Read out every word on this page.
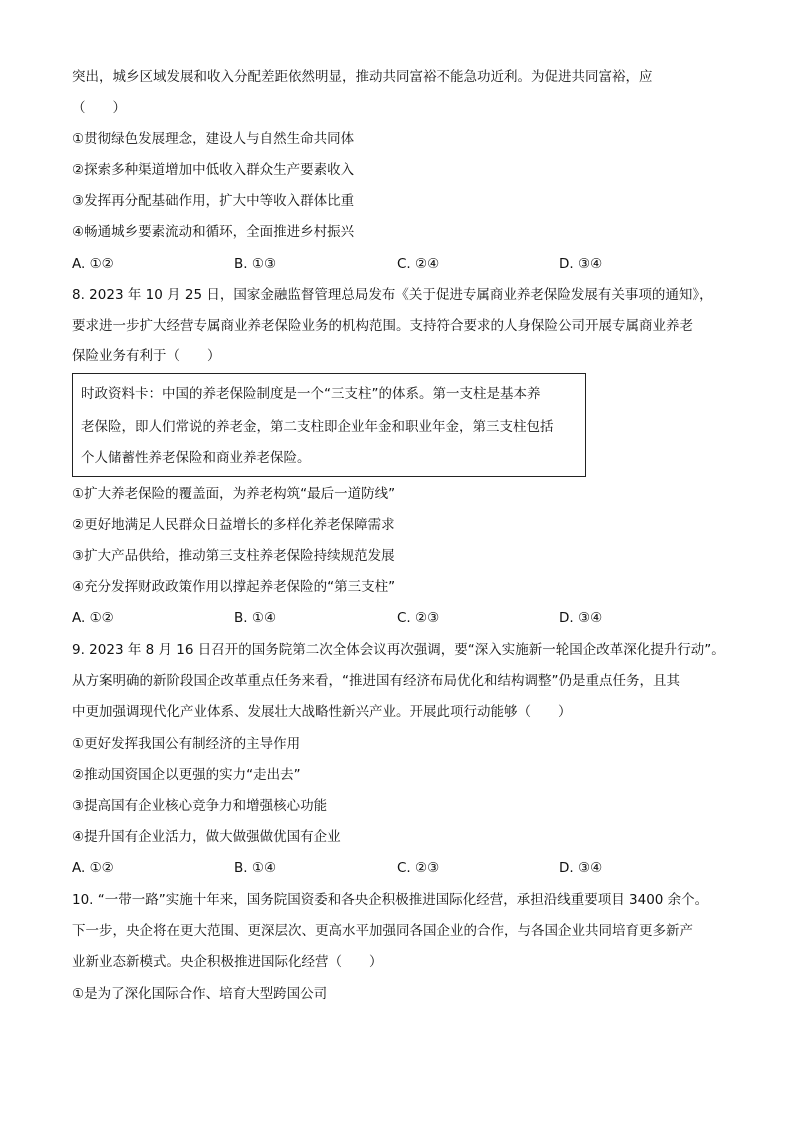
突出，城乡区域发展和收入分配差距依然明显，推动共同富裕不能急功近利。为促进共同富裕，应
（　　）
①贯彻绿色发展理念，建设人与自然生命共同体
②探索多种渠道增加中低收入群众生产要素收入
③发挥再分配基础作用，扩大中等收入群体比重
④畅通城乡要素流动和循环，全面推进乡村振兴
A. ①②	B. ①③	C. ②④	D. ③④
8. 2023 年 10 月 25 日，国家金融监督管理总局发布《关于促进专属商业养老保险发展有关事项的通知》，
要求进一步扩大经营专属商业养老保险业务的机构范围。支持符合要求的人身保险公司开展专属商业养老
保险业务有利于（　　）
时政资料卡：中国的养老保险制度是一个“三支柱”的体系。第一支柱是基本养
老保险，即人们常说的养老金，第二支柱即企业年金和职业年金，第三支柱包括
个人储蓄性养老保险和商业养老保险。
①扩大养老保险的覆盖面，为养老构筑“最后一道防线”
②更好地满足人民群众日益增长的多样化养老保障需求
③扩大产品供给，推动第三支柱养老保险持续规范发展
④充分发挥财政政策作用以撑起养老保险的“第三支柱”
A. ①②	B. ①④	C. ②③	D. ③④
9. 2023 年 8 月 16 日召开的国务院第二次全体会议再次强调，要“深入实施新一轮国企改革深化提升行动”。
从方案明确的新阶段国企改革重点任务来看，“推进国有经济布局优化和结构调整”仍是重点任务，且其
中更加强调现代化产业体系、发展壮大战略性新兴产业。开展此项行动能够（　　）
①更好发挥我国公有制经济的主导作用
②推动国资国企以更强的实力“走出去”
③提高国有企业核心竞争力和增强核心功能
④提升国有企业活力，做大做强做优国有企业
A. ①②	B. ①④	C. ②③	D. ③④
10. “一带一路”实施十年来，国务院国资委和各央企积极推进国际化经营，承担沿线重要项目 3400 余个。
下一步，央企将在更大范围、更深层次、更高水平加强同各国企业的合作，与各国企业共同培育更多新产
业新业态新模式。央企积极推进国际化经营（　　）
①是为了深化国际合作、培育大型跨国公司
